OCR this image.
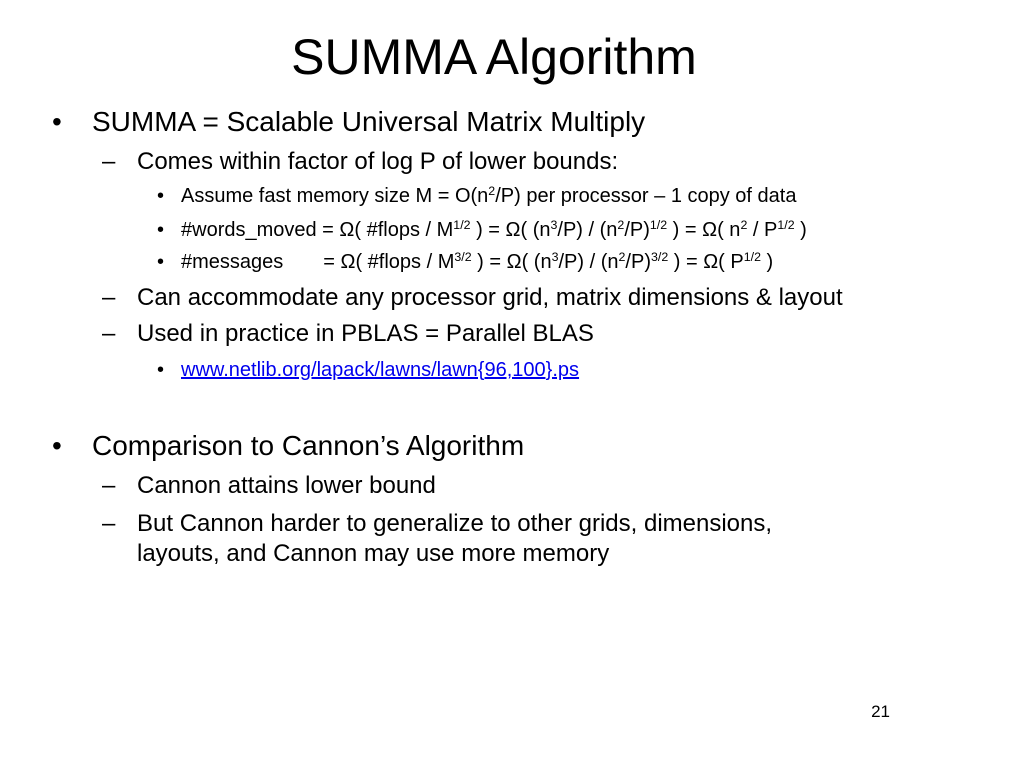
SUMMA Algorithm
• SUMMA = Scalable Universal Matrix Multiply
– Comes within factor of log P of lower bounds:
• Assume fast memory size $M = O(n^2/P)$ per processor – 1 copy of data
• #words_moved = Ω( #flops / $M^{1/2}$ ) = Ω( $(n^3/P) / (n^2/P)^{1/2}$ ) = Ω( $n^2 / P^{1/2}$ )
• #messages = Ω( #flops / $M^{3/2}$ ) = Ω( $(n^3/P) / (n^2/P)^{3/2}$ ) = Ω( $P^{1/2}$ )
– Can accommodate any processor grid, matrix dimensions & layout
– Used in practice in PBLAS = Parallel BLAS
• www.netlib.org/lapack/lawns/lawn{96,100}.ps
• Comparison to Cannon’s Algorithm
– Cannon attains lower bound
– But Cannon harder to generalize to other grids, dimensions,
layouts, and Cannon may use more memory
21
